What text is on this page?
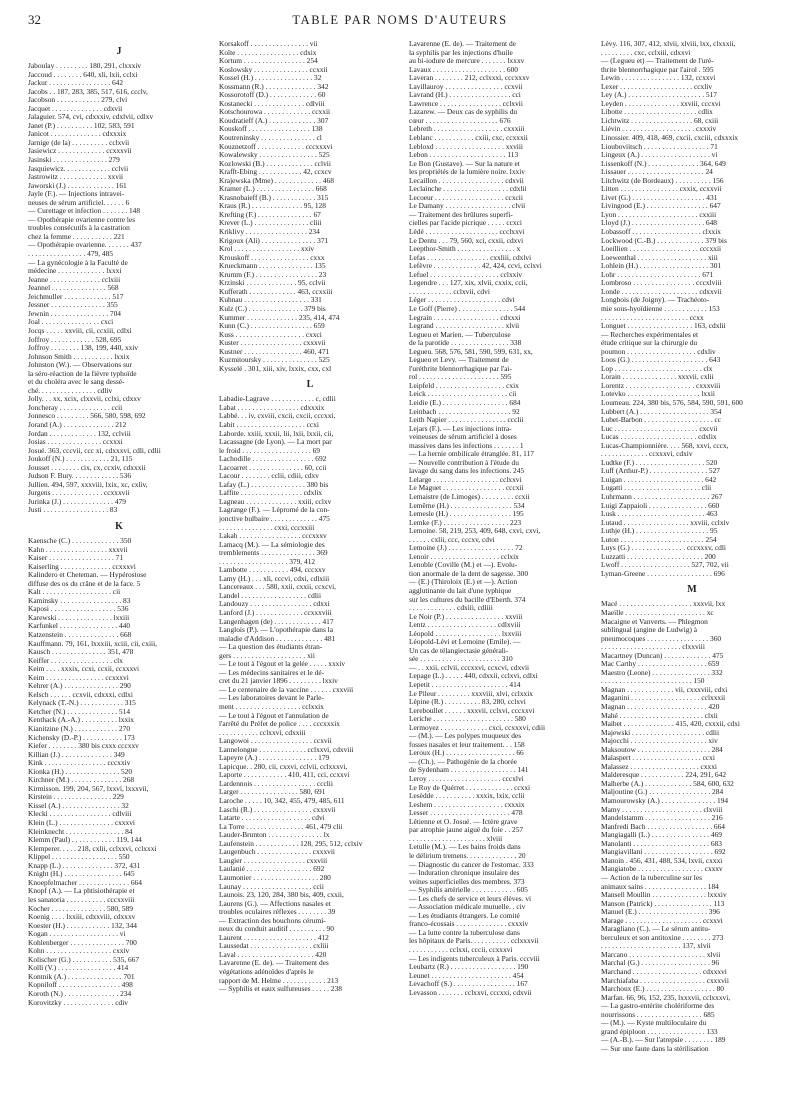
32	TABLE PAR NOMS D'AUTEURS
J
Jaboulay . . . . . . . . . 180, 291, clxxxiv
Jaccoud . . . . . . . . 640, xli, lxii, cclxi
Jackur . . . . . . . . . . . . . . . . . 642
Jacobs . . 187, 283, 385, 517, 616, ccclv,
Jacobson . . . . . . . . . . . . 279, clvi
Jacquet . . . . . . . . . . . . . . cdxvii
Jalaguier. 574, cvi, cdxxxiv, cdxlvii, cdlxv
Janet (P.) . . . . . . . . . . 102, 583, 591
Janicot . . . . . . . . . . . . . . cdxxxix
Jarnige (de la) . . . . . . . . . . cclxvii
Jasiewicz . . . . . . . . . . . . . ccxxxvii
Jasinski . . . . . . . . . . . . . . . 279
Jasquiewicz. . . . . . . . . . . . . cclvii
Jastrowitz . . . . . . . . . . . . . xxvii
Jaworski (J.) . . . . . . . . . . . . . 161
Jayle (F.). — Injections intravei-
neuses de sérum artificiel. . . . . . 6
— Curettage et infection . . . . . . . 148
— Opothérapie ovarienne contre les
troubles consécutifs à la castration
chez la femme . . . . . . . . . . . 221
— Opothérapie ovarienne. . . . . . . 437
. . . . . . . . . . . . . . . . 479, 485
— La gynécologie à la Faculté de
médecine . . . . . . . . . . . . . lxxxi
Jeanne . . . . . . . . . . . . . . cclxiii
Jeannel . . . . . . . . . . . . . . . 568
Jeichmuller . . . . . . . . . . . . . 517
Jessner . . . . . . . . . . . . . . . 355
Jewnin . . . . . . . . . . . . . . . . 704
Joal . . . . . . . . . . . . . . . . cxci
Jocqs . . . . . xxviii, cii, ccxiii, cdlxi
Joffroy . . . . . . . . . . . . 528, 695
Joffroy . . . . . . . . 138, 199, 440, xxiv
Johnson Smith . . . . . . . . . . . lxxix
Johnston (W.). — Observations sur
la séro-réaction de la fièvre typhoïde
et du choléra avec le sang dessé-
ché. . . . . . . . . . . . . . . . cdliv
Jolly. . . xx, xcix, clxxvii, cclxi, cdxxv
Joncheray . . . . . . . . . . . . . . ccii
Jonnesco . . . . . . . . . 566, 580, 598, 692
Jorand (A.) . . . . . . . . . . . . . . 212
Jordan . . . . . . . . . . . . . 132, cclviii
Josias . . . . . . . . . . . . . . . ccxxxi
Josué. 363, cccvii, ccc xi, cdxxxvi, cdli, cdlii
Joukoff (N.) . . . . . . . . . . . . 21, 115
Jousset . . . . . . . . cix, cx, ccxiv, cdxxxii
Judson F. Bury. . . . . . . . . . . . . 536
Jullien. 494, 597, xxxviii, lxix, xc, cxliv,
Jurgens . . . . . . . . . . . . . . ccxxxvii
Jurinka (J.) . . . . . . . . . . . . . . 479
Justi . . . . . . . . . . . . . . . . . . 83
K
Kaensche (C.) . . . . . . . . . . . . . 350
Kahn . . . . . . . . . . . . . . . . . xxxvii
Kaiser . . . . . . . . . . . . . . . . . . 71
Kaiserling . . . . . . . . . . . . . . ccxxxvi
Kalindero et Cheteman. — Hypérostose
diffuse des os du crâne et de la face. 5
Kalt . . . . . . . . . . . . . . . . . . . cii
Kaminsky . . . . . . . . . . . . . . . . . 83
Kaposi . . . . . . . . . . . . . . . . . . 536
Karewski . . . . . . . . . . . . . . . lxxiii
Karfunkel . . . . . . . . . . . . . . . . 440
Katzenstein . . . . . . . . . . . . . . . 668
Kauffmann. 79, 161, lxxxiii, xciii, cii, cxiii,
Kausch . . . . . . . . . . . . . . . 351, 478
Keiffer . . . . . . . . . . . . . . . . . clx
Keim . . . . xxxix, ccxi, ccxii, ccxxxvi
Keim . . . . . . . . . . . . . . . . ccxxxvi
Kehrer (A.) . . . . . . . . . . . . . . . 290
Kelsch . . . . . . ccxvii, cdxxxi, cdlxi
Kelynack (T.-N.) . . . . . . . . . . . . 315
Ketcher (N.) . . . . . . . . . . . . . . 514
Kenthack (A.-A.) . . . . . . . . . . lxxix
Kianitzine (N.) . . . . . . . . . . . . 270
Kichensky (D.-P.) . . . . . . . . . . . 173
Kiefer . . . . . . . . 380 bis cxxx cccxxv
Killian (J.) . . . . . . . . . . . . . . 349
Kink . . . . . . . . . . . . . . . . . cccxxiv
Kionka (H.) . . . . . . . . . . . . . . . 520
Kirchner (M.) . . . . . . . . . . . . . . 268
Kirmisson. 199, 204, 567, lxxvi, lxxxvii,
Kirstein . . . . . . . . . . . . . . . . 229
Kissel (A.) . . . . . . . . . . . . . . . . 32
Klecki . . . . . . . . . . . . . . . . . cdlviii
Klein (L.) . . . . . . . . . . . . . . . cxxxvi
Kleinknecht . . . . . . . . . . . . . . . . 84
Klemm (Paul) . . . . . . . . . . . . 119, 144
Klemperer. . . . . 218, cxlii, cclxxvi, cclxxxi
Klippel . . . . . . . . . . . . . . . . . . 550
Knapp (L.) . . . . . . . . . . . . . . 372, 431
Knight (H.) . . . . . . . . . . . . . . . . 645
Knoepfelmacher . . . . . . . . . . . . . . 664
Knopf (A.). — La phtisiothérapie et
les sanatoria . . . . . . . . . . . cccxxviii
Kocher . . . . . . . . . . . . . . . 580, 589
Koenig . . . . lxxiii, cdxxviii, cdxxxv
Koester (H.) . . . . . . . . . . . . 132, 344
Kogan . . . . . . . . . . . . . . . . . . . vi
Kohlenberger . . . . . . . . . . . . . . . 700
Kohn . . . . . . . . . . . . . . . . . . cxxiv
Kolischer (G.) . . . . . . . . . . . 535, 667
Kolli (V.) . . . . . . . . . . . . . . . . 414
Kontnik (A.) . . . . . . . . . . . . . . . 701
Kopniloff . . . . . . . . . . . . . . . . . 498
Koroth (N.) . . . . . . . . . . . . . . . 234
Korovitzky . . . . . . . . . . . . . . cdiv
Korsakoff . . . . . . . . . . . . . . . . vii
Koïte . . . . . . . . . . . . . . . . . cdxix
Kortum . . . . . . . . . . . . . . . . . 254
Koslowsky . . . . . . . . . . . . . . . ccxxii
Kossel (H.) . . . . . . . . . . . . . . . . 32
Kossmann (R.) . . . . . . . . . . . . . . 342
Kossorotoff (D.) . . . . . . . . . . . . . 60
Kostanecki . . . . . . . . . . . . . . cdlviii
Kotschourowa . . . . . . . . . . . . . ccxxii
Koudratieff (A.) . . . . . . . . . . . . . 307
Kouskoff . . . . . . . . . . . . . . . . . 138
Koutreninsky . . . . . . . . . . . . . . . cl
Kouznetzoff . . . . . . . . . . . . . cccxxxvi
Kowalewsky . . . . . . . . . . . . . . . . 525
Kozlowski (B.) . . . . . . . . . . . . . cclvii
Krafft-Ebing . . . . . . . . . . . . 42, ccxcv
Krajewska (Mme) . . . . . . . . . . . . . 468
Kramer (L.) . . . . . . . . . . . . . . . . 668
Krasnobaieff (B.) . . . . . . . . . . . . 315
Kraus (R.) . . . . . . . . . . . . . . 95, 128
Krefting (F.) . . . . . . . . . . . . . . . 67
Krever (L.) . . . . . . . . . . . . . . . cliii
Kriklivy . . . . . . . . . . . . . . . . . 234
Krigoux (Ali) . . . . . . . . . . . . . . . 371
Krol . . . . . . . . . . . . . . . . . . xxiv
Krouskoff . . . . . . . . . . . . . . . . cxxx
Krueckmann . . . . . . . . . . . . . . . 135
Krumm (F.) . . . . . . . . . . . . . . . . . 23
Krzinski . . . . . . . . . . . . . . 95, cclvii
Kufferath . . . . . . . . . . . . . 463, ccxxiii
Kuhnau . . . . . . . . . . . . . . . . . . 331
Kulz (C.) . . . . . . . . . . . . . . . 379 bis
Kummer . . . . . . . . . . . . . . 235, 414, 474
Kunn (C.) . . . . . . . . . . . . . . . . . 659
Kuss . . . . . . . . . . . . . . . . . . . cxxci
Kuster . . . . . . . . . . . . . . . . . cxxxvii
Kustner . . . . . . . . . . . . . . . . 460, 471
Kuzmitoursky . . . . . . . . . . . . . . . 525
Kysselé . 301, xiii, xiv, lxxix, cxx, cxl
L
Labadie-Lagrave . . . . . . . . . . . . c, cdlii
Labat . . . . . . . . . . . . . . . . . cdxxxix
Labbé. . . iv, cxviii, cxcii, cxcii, cccxxi,
Labit . . . . . . . . . . . . . . . . . . . ccxi
Laborde. xxiii, xxxii, lii, lxii, lxxii, cii,
Lacassagne (de Lyon). — La mort par
le froid . . . . . . . . . . . . . . . . . . . 69
Lachodille . . . . . . . . . . . . . . . . . 692
Lacoarret . . . . . . . . . . . . . . . 60, ccii
Lacour . . . . . . . . cclii, cdiii, cdxv
Lafay (L.) . . . . . . . . . . . . . . . 380 bis
Laffite . . . . . . . . . . . . . . . . . cdxlix
Lagneau . . . . . . . . . . . . . . xxiii, cclxv
Lagrange (F.). — Lépromé de la con-
jonctive bulbaire . . . . . . . . . . . . . 475
. . . . . . . . . . . . . . . cxxi, cccxxiii
Lakah . . . . . . . . . . . . . . . . . cccxxxv
Lamacq (M.). — La sémiologie des
tremblements . . . . . . . . . . . . . . . 369
. . . . . . . . . . . . . . . . . . . 379, 412
Lambotte . . . . . . . . . . . 494, cccxxv
Lamy (H.) . . . xli, cccvi, cdxi, cdlxiii
Lancereaux . . . 580, xxii, cxxii, ccxcvi,
Landel . . . . . . . . . . . . . . . . . . cdlii
Landouzy . . . . . . . . . . . . . . . . . cdxxi
Lanford (J.) . . . . . . . . . . . . . ccxxxviii
Langenhagen (de) . . . . . . . . . . . . . 417
Langlois (P.). — L'opothérapie dans la
maladie d'Addison . . . . . . . . . . . . . 481
— La question des étudiants étran-
gers . . . . . . . . . . . . . . . . . . . . xii
— Le tout à l'égout et la gelée . . . . . xxxiv
— Les médecins sanitaires et le dé-
cret du 21 janvier 1896 . . . . . . . . . lxxiv
— Le centenaire de la vaccine . . . . . . cxxviii
— Les laboratoires devant le Parle-
ment . . . . . . . . . . . . . . . . . . cclxxix
— Le tout à l'égout et l'annulation de
l'arrêté du Préfet de police . . . . cccxxxix
. . . . . . . . . . . cclxxvi, cdxxiii
Langowoi . . . . . . . . . . . . . . . . . ccxvii
Lannelongue . . . . . . . . . . . . . cclxxvi, cdxviii
Lapeyre (A.) . . . . . . . . . . . . . . . . 179
Lapicque. . 280, cii, cxxvi, cclvii, cclxxxvi,
Laporte . . . . . . . . . . . . 410, 411, cci, ccxxvi
Lardennois . . . . . . . . . . . . . . . . . ccclii
Larger . . . . . . . . . . . . . . . . 580, 691
Laroche . . . . . 10, 342, 455, 479, 485, 611
Laschi (R.) . . . . . . . . . . . . . . . . cxxxvii
Latarte . . . . . . . . . . . . . . . . . . . cdvi
La Torre . . . . . . . . . . . . . . . . 461, 479 clii
Lauder-Brunton . . . . . . . . . . . . . . . lx
Laufenstein . . . . . . . . . . . . 128, 295, 512, cclxiv
Laugenbuch . . . . . . . . . . . . . . . cxxxvii
Laugier . . . . . . . . . . . . . . . . . cxxviii
Laulanié . . . . . . . . . . . . . . . . . . 692
Laumonier . . . . . . . . . . . . . . . . . . 280
Launay . . . . . . . . . . . . . . . . . . . ccii
Launois. 23, 120, 284, 380 bis, 409, cxxii,
Laurens (G.). — Affections nasales et
troubles oculaires réflexes . . . . . . . . 39
— Extraction des bouchons cérumi-
neux du conduit auditif . . . . . . . . . . 90
Laurent . . . . . . . . . . . . . . . . . . . . 412
Laussedat . . . . . . . . . . . . . . . . . cxliii
Laval . . . . . . . . . . . . . . . . . . . . . 420
Lavarenne (E. de). — Traitement des
végétations adénoïdes d'après le
rapport de M. Helme . . . . . . . . . . . . 213
— Syphilis et eaux sulfureuses . . . . . 238
Lavarenne (E. de). — Traitement de
la syphilis par les injections d'huile
au bi-iodure de mercure . . . . . . . lxxxv
Lavaux . . . . . . . . . . . . . . . . . . . . 600
Laveran . . . . . . . . 212, cclxxxi, cccxxxv
Lavillauroy . . . . . . . . . . . . . . . . ccxvii
Lavrand (H.) . . . . . . . . . . . . . . . . . cci
Lawrence . . . . . . . . . . . . . . . . . cclxvii
Lazarew. — Deux cas de syphilis du
cœur . . . . . . . . . . . . . . . . . . . . 676
Lebreth . . . . . . . . . . . . . . . . . . . cxxxiii
Leblanc . . . . . . . . . . . cxiii, cxc, ccxxxii
Lebloxd . . . . . . . . . . . . . . . . . . . xxviii
Lebon . . . . . . . . . . . . . . . . . . . . . 113
Le Bon (Gustave). — Sur la nature et
les propriétés de la lumière noire. lxxiv
Lecaillon . . . . . . . . . . . . . . . . . . cdxvii
Leclainche . . . . . . . . . . . . . . . . . . cdxlii
Lecoeur . . . . . . . . . . . . . . . . . . . ccxcii
Le Damany . . . . . . . . . . . . . . . . . . clvii
— Traitement des brûlures superfi-
cielles par l'acide picrique . . . . . ccxci
Lédé . . . . . . . . . . . . . . . . . . . . ccclxxvi
Le Dentu . . . 79, 560, xci, cxxii, cdxvi
Leepthor-Smith . . . . . . . . . . . . . . . . x
Lefas . . . . . . . . . . . . . . . . . cxxliii, cdxlvi
Lefèvre . . . . . . . . . . . . . 42, 424, ccvi, cclxvi
Lefuel . . . . . . . . . . . . . . . . . . . cclxxiv
Legendre . . . 127, xix, xlvii, cxxix, ccii,
. . . . . . . . . . . . cclxvii, cdvi
Léger . . . . . . . . . . . . . . . . . . . . cdvi
Le Goff (Pierre) . . . . . . . . . . . . . . . 544
Legrain . . . . . . . . . . . . . . . . . . cdxxxi
Legrand . . . . . . . . . . . . . . . . . . . xlvii
Legueu et Marien. — Tuberculose
de la parotide . . . . . . . . . . . . . . . . 338
Legueu. 568, 576, 581, 590, 599, 631, xx,
Legueu et Levy. — Traitement de
l'uréthrite blennorrhagique par l'ai-
rol . . . . . . . . . . . . . . . . . . . . . . 595
Leipfeld . . . . . . . . . . . . . . . . . . . cxix
Leick . . . . . . . . . . . . . . . . . . . . . . cii
Leidie (E.) . . . . . . . . . . . . . . . . . . 684
Leinbach . . . . . . . . . . . . . . . . . . . . 92
Leith Napier . . . . . . . . . . . . . . . . ccclii
Lejars (F.). — Les injections intra-
veineuses de sérum artificiel à doses
massives dans les infections . . . . . . . 1
— La hernie ombilicale étranglée. 81, 117
— Nouvelle contribution à l'étude du
lavage du sang dans les infections. 245
Lelarge . . . . . . . . . . . . . . . . . . cclxxvi
Le Maguet . . . . . . . . . . . . . . . . . cccxii
Lemaistre (de Limoges) . . . . . . . . . ccxii
Lemême (H.) . . . . . . . . . . . . . . . . . 534
Lemesle (H.) . . . . . . . . . . . . . . . . . 195
Lemke (F.) . . . . . . . . . . . . . . . . . . 223
Lemoine. 58, 219, 253, 409, 648, cxvi, cxvi,
. . . . . . cxlii, ccc, cccxv, cdvi
Lemoine (J.) . . . . . . . . . . . . . . . . . . 72
Lenoir . . . . . . . . . . . . . . . . . . . cclxix
Lenoble (Coville (M.) et —). Evolu-
tion anormale de la dent de sagesse. 300
— (E.) (Thiroloix (E.) et —). Action
agglutinante du lait d'une typhique
sur les cultures du bacille d'Eberth. 374
. . . . . . . . . . . . . cdxiii, cdliii
Le Noir (P.) . . . . . . . . . . . . . . . . xxviii
Lentz . . . . . . . . . . . . . . . . . . . cdlxviii
Léopold . . . . . . . . . . . . . . . . . . lxxviii
Léopold-Lévi et Lemoine (Emile). —
Un cas de télangiectasie générali-
sée . . . . . . . . . . . . . . . . . . . . . . 310
— . . xxii, cclvii, cccxxvi, ccxcvi, cdxvii
Lepage (L.) . . . . . 440, cdxxii, cclxvi, cdlxi
Lepetit . . . . . . . . . . . . . . . . . . . . . 414
Le Pileur . . . . . . . . . xxxviii, xlvi, cclxxix
Lépine (R.) . . . . . . . . . . 83, 280, cclxvi
Lereboullet . . . . . . xxxvii, cclxvi, cccxxvi
Leriche . . . . . . . . . . . . . . . . . . . . . . 580
Lermoyez . . . . . . . . . . . . . cxci, ccxxxvi, cdiii
— (M.). — Les polypes muqueux des
fosses nasales et leur traitement. . . 158
Leroux (H.) . . . . . . . . . . . . . . . . . . . 66
— (Ch.). — Pathogénie de la chorée
de Sydenham . . . . . . . . . . . . . . . . . . 141
Leroy . . . . . . . . . . . . . . . . . . . . cccxlvi
Le Roy de Quérret . . . . . . . . . . . . . ccxxi
Lesèdde . . . . . . . . . . . xxxix, lxix, cclii
Leshem . . . . . . . . . . . . . . . . . . . cxxxix
Lesser . . . . . . . . . . . . . . . . . . . . . . 478
Létienne et O. Josué. — Ictère grave
par atrophie jaune aiguë du foie . . 257
. . . . . . . . . . . . . . . . . . . . . xlviii
Letulle (M.). — Les bains froids dans
le délirium tremens. . . . . . . . . . . . . . 20
— Diagnostic du cancer de l'estomac. 333
— Induration chronique insulaire des
veines superficielles des membres. 373
— Syphilis artérielle . . . . . . . . . . . . 605
— Les chefs de service et leurs élèves. vi
— Association médicale mutuelle. . civ
— Les étudiants étrangers. Le comité
franco-écossais . . . . . . . . . . . . . . cxxxiv
— La lutte contre la tuberculose dans
les hôpitaux de Paris. . . . . . . . . . . cclxxxvii
. . . . . . . . . . . cclxxi, cccii, ccxxxvi
— Les indigents tuberculeux à Paris. cccviii
Leubartz (R.) . . . . . . . . . . . . . . . . . . 190
Leunet . . . . . . . . . . . . . . . . . . . . . . 454
Levachoff (S.) . . . . . . . . . . . . . . . . . 167
Levasson . . . . . . . cclxxvi, cccxxi, cdxvii
Lévy. 116, 307, 412, xlvii, xlviii, lxx, clxxxii,
. . . . . . . . . cxc, cclxiii, cdxxvi
— (Legueu et) — Traitement de l'uré-
thrite blennorrhagique par l'airol . 595
Lewin . . . . . . . . . . . . . . . . 132, ccxxvi
Lexer . . . . . . . . . . . . . . . . . . . . ccxliv
Ley (A.) . . . . . . . . . . . . . . . . . . . . . 517
Leyden . . . . . . . . . . . . . . . xxviii, cccxvi
Libotte . . . . . . . . . . . . . . . . . . . . cdlix
Lichtwitz . . . . . . . . . . . . . . . . . 68, cxiii
Liévin . . . . . . . . . . . . . . . . . . . . cxxxiv
Linossier. 409, 418, 469, cxcii, cxciii, cdxxxix
Liouboviitsch . . . . . . . . . . . . . . . . . . 71
Lingeux (A.) . . . . . . . . . . . . . . . . . . . vi
Lissenkoff (N.) . . . . . . . . . . . . . . 364, 649
Lissauer . . . . . . . . . . . . . . . . . . . . . 24
Litchwitz (de Bordeaux) . . . . . . . . . . 156
Litten . . . . . . . . . . . . . . . . cxxix, ccxxvii
Livet (G.) . . . . . . . . . . . . . . . . . . . . 431
Livingood (E.) . . . . . . . . . . . . . . . . . 647
Lyon . . . . . . . . . . . . . . . . . . . . . . cxxiii
Lloyd (J.) . . . . . . . . . . . . . . . . . . . . 648
Lobassoff . . . . . . . . . . . . . . . . . . . clxxix
Lockwood (C.-B.) . . . . . . . . . . . . . 379 bis
Loeillien . . . . . . . . . . . . . . . . . . . cccxxii
Loewenthal . . . . . . . . . . . . . . . . . . . xiii
Lohlein (H.) . . . . . . . . . . . . . . . . . . . 301
Lohr . . . . . . . . . . . . . . . . . . . . . . . 671
Lombroso . . . . . . . . . . . . . . . . . cccxlviii
Londe . . . . . . . . . . . . . . . . . . . . . cdxxvii
Longbois (de Joigny). — Trachéoto-
mie sous-hyoïdienne . . . . . . . . . . . . 153
. . . . . . . . . . . . . . . . . . . . . . . . ccxx
Longuet . . . . . . . . . . . . . . . . . . 163, cdxlii
— Recherches expérimentales et
étude critique sur la chirurgie du
poumon . . . . . . . . . . . . . . . . . . . cdxliv
Loos (G.) . . . . . . . . . . . . . . . . . . . . . 643
Lop . . . . . . . . . . . . . . . . . . . . . . . . clx
Lorain . . . . . . . . . . . . . . . xxxvii, cxlii
Lorentz . . . . . . . . . . . . . . . . . . . cxxxviii
Lotevko . . . . . . . . . . . . . . . . . . . . lxxii
Loumeau. 224, 380 bis, 576, 584, 590, 591, 600
Lubbert (A.) . . . . . . . . . . . . . . . . . . . 354
Lubet-Barbon . . . . . . . . . . . . . . . . . . . cc
Luc . . . . . . . . . . . . . . . . . . . . . . . cxcvii
Lucas . . . . . . . . . . . . . . . . . . . . . cdxlix
Lucas-Championnière. . . . 568, xxvi, cccx,
. . . . . . . . . . . . . ccxxxvi, cdxiv
Ludtke (F.) . . . . . . . . . . . . . . . . . . . 520
Luff (Arthur-P.) . . . . . . . . . . . . . . . . 527
Luigan . . . . . . . . . . . . . . . . . . . . . . 642
Lugatti . . . . . . . . . . . . . . . . . . . . . clii
Luhrmann . . . . . . . . . . . . . . . . . . . . . 267
Luigi Zappaioli . . . . . . . . . . . . . . . . 660
Lusk . . . . . . . . . . . . . . . . . . . . . . . . 463
Lutaud . . . . . . . . . . . . . . . . . . xxviii, cclxiv
Luthje (H.) . . . . . . . . . . . . . . . . . . . . 95
Luton . . . . . . . . . . . . . . . . . . . . . . . 254
Luys (G.) . . . . . . . . . . . . . . . cccxxxv, cdli
Luzzatti . . . . . . . . . . . . . . . . . . . . . 200
Lwoff . . . . . . . . . . . . . . . . . . . 527, 702, vii
Lyman-Greene . . . . . . . . . . . . . . . . . . 696
M
Macé . . . . . . . . . . . . . . . . . . . . xxxvii, lxx
Maeille . . . . . . . . . . . . . . . . . . . . . . xc
Macaigne et Vanverts. — Phlegmon
sublingual (angine de Ludwig) à
pneumocoques . . . . . . . . . . . . . . . . . 360
. . . . . . . . . . . . . . . . . . . . . . clxxviii
Macartney (Duncan) . . . . . . . . . . . . . 475
Mac Carthy . . . . . . . . . . . . . . . . . . . 659
Maestro (Leone) . . . . . . . . . . . . . . . . 332
. . . . . . . . . . . . . . . . . . . . . . . . . 150
Magnan . . . . . . . . . . . . . vii, cxxxviii, cdxi
Maganini . . . . . . . . . . . . . . . . . . . cclxxxii
Magnan . . . . . . . . . . . . . . . . . . . . . . 420
Mahé . . . . . . . . . . . . . . . . . . . . . . . clxii
Maibet . . . . . . . . . . . . . . 415, 420, cxxxii, cdxi
Majewski . . . . . . . . . . . . . . . . . . . . cdlii
Majocchi . . . . . . . . . . . . . . . . . . . . . xiv
Maksoutow . . . . . . . . . . . . . . . . . . . . 284
Malaspert . . . . . . . . . . . . . . . . . . . ccxi
Malassez . . . . . . . . . . . . . . . . . . . cxxxi
Malderesque . . . . . . . . . . . . 224, 291, 642
Malherbe (A.) . . . . . . . . . . . . . 584, 600, 632
Maljoutine (G.) . . . . . . . . . . . . . . . . . 284
Mamourowsky (A.) . . . . . . . . . . . . . . . 194
Mamy . . . . . . . . . . . . . . . . . . . . . . clxviii
Mandelstamm . . . . . . . . . . . . . . . . . . 216
Manfredi Bach . . . . . . . . . . . . . . . . . . 664
Mangiagalli (L.) . . . . . . . . . . . . . . . . 469
Manolanti . . . . . . . . . . . . . . . . . . . . . 683
Mangiavillani . . . . . . . . . . . . . . . . . . . 692
Manoin . 456, 431, 488, 534, lxvii, cxxxi
Mangiatobe . . . . . . . . . . . . . . . . . . cxxxv
— Action de la tuberculine sur les
animaux sains . . . . . . . . . . . . . . . . . 184
Mansell Moullin . . . . . . . . . . . . . . . lxxxiv
Manson (Patrick) . . . . . . . . . . . . . . . . 113
Manuel (E.) . . . . . . . . . . . . . . . . . . . 396
Marage . . . . . . . . . . . . . . . . . . . . . ccxxvi
Maragliano (C.). — Le sérum antitu-
berculeux et son antitoxine . . . . . . . . 273
. . . . . . . . . . . . . . . . . . . . . . 137, xlvii
Marcano . . . . . . . . . . . . . . . . . . . . . xlvii
Marchal (G.) . . . . . . . . . . . . . . . . . . . 96
Marchand . . . . . . . . . . . . . . . . . . . cdxxxvi
Marchiafaba . . . . . . . . . . . . . . . . . . cxxxvii
Marchoux (E.) . . . . . . . . . . . . . . . . . . . 80
Marfan. 66, 96, 152, 235, lxxxvii, cclxxxvi,
— La gastro-entérite cholériforme des
nourrissons . . . . . . . . . . . . . . . . . . 685
— (M.). — Kyste multiloculaire du
grand épiploon . . . . . . . . . . . . . . . . 133
— (A.-B.). — Sur l'atrepsie . . . . . . . . 189
— Sur une faute dans la stérilisation
